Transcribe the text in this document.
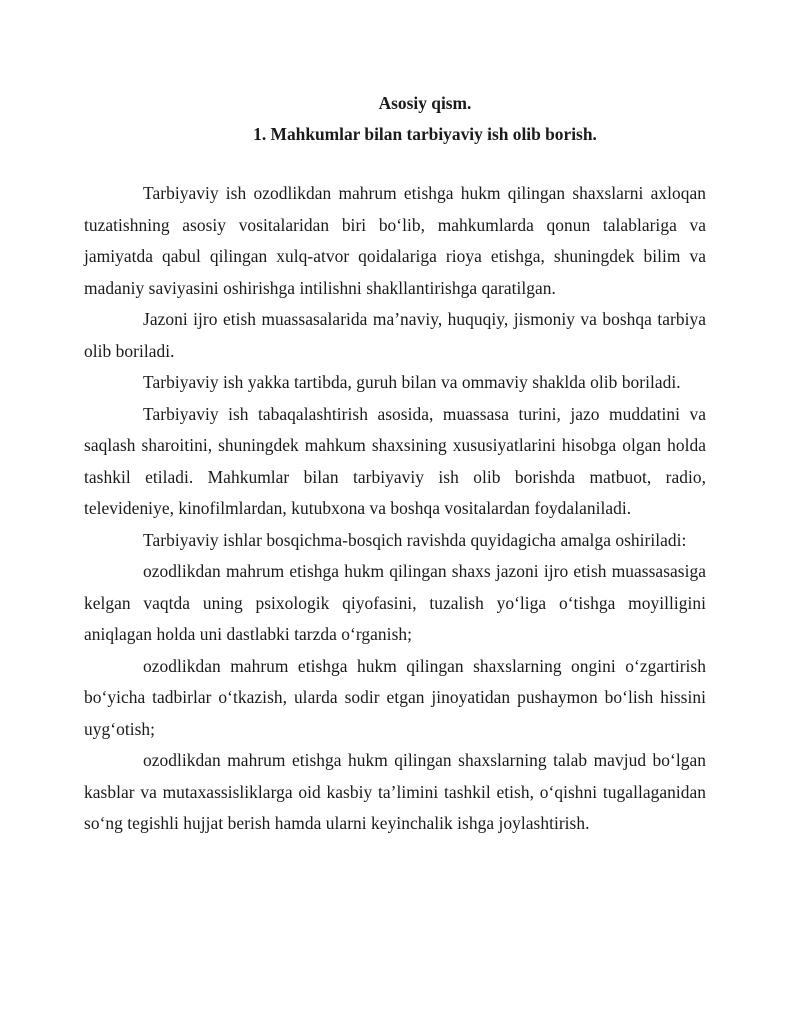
Asosiy qism.

1. Mahkumlar bilan tarbiyaviy ish olib borish.

Tarbiyaviy ish ozodlikdan mahrum etishga hukm qilingan shaxslarni axloqan tuzatishning asosiy vositalaridan biri bo‘lib, mahkumlarda qonun talablariga va jamiyatda qabul qilingan xulq-atvor qoidalariga rioya etishga, shuningdek bilim va madaniy saviyasini oshirishga intilishni shakllantirishga qaratilgan.

Jazoni ijro etish muassasalarida ma’naviy, huquqiy, jismoniy va boshqa tarbiya olib boriladi.

Tarbiyaviy ish yakka tartibda, guruh bilan va ommaviy shaklda olib boriladi.

Tarbiyaviy ish tabaqalashtirish asosida, muassasa turini, jazo muddatini va saqlash sharoitini, shuningdek mahkum shaxsining xususiyatlarini hisobga olgan holda tashkil etiladi. Mahkumlar bilan tarbiyaviy ish olib borishda matbuot, radio, televideniye, kinofilmlardan, kutubxona va boshqa vositalardan foydalaniladi.

Tarbiyaviy ishlar bosqichma-bosqich ravishda quyidagicha amalga oshiriladi:

ozodlikdan mahrum etishga hukm qilingan shaxs jazoni ijro etish muassasasiga kelgan vaqtda uning psixologik qiyofasini, tuzalish yo‘liga o‘tishga moyilligini aniqlagan holda uni dastlabki tarzda o‘rganish;

ozodlikdan mahrum etishga hukm qilingan shaxslarning ongini o‘zgartirish bo‘yicha tadbirlar o‘tkazish, ularda sodir etgan jinoyatidan pushaymon bo‘lish hissini uyg‘otish;

ozodlikdan mahrum etishga hukm qilingan shaxslarning talab mavjud bo‘lgan kasblar va mutaxassisliklarga oid kasbiy ta’limini tashkil etish, o‘qishni tugallaganidan so‘ng tegishli hujjat berish hamda ularni keyinchalik ishga joylashtirish.
